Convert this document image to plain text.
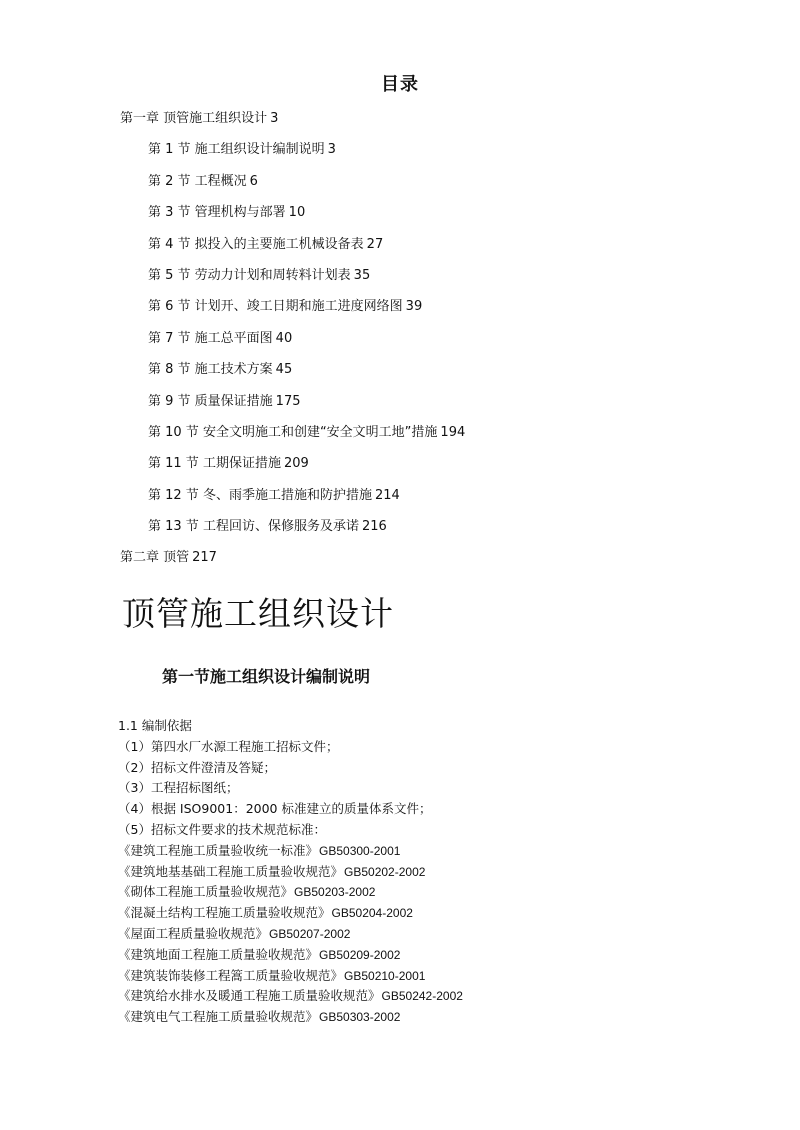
目录
第一章 顶管施工组织设计 3
第 1 节 施工组织设计编制说明 3
第 2 节 工程概况 6
第 3 节 管理机构与部署 10
第 4 节 拟投入的主要施工机械设备表 27
第 5 节 劳动力计划和周转料计划表 35
第 6 节 计划开、竣工日期和施工进度网络图 39
第 7 节 施工总平面图 40
第 8 节 施工技术方案 45
第 9 节 质量保证措施 175
第 10 节 安全文明施工和创建“安全文明工地”措施 194
第 11 节 工期保证措施 209
第 12 节 冬、雨季施工措施和防护措施 214
第 13 节 工程回访、保修服务及承诺 216
第二章 顶管 217
顶管施工组织设计
第一节施工组织设计编制说明
1.1 编制依据
（1）第四水厂水源工程施工招标文件；
（2）招标文件澄清及答疑；
（3）工程招标图纸；
（4）根据 ISO9001：2000 标准建立的质量体系文件；
（5）招标文件要求的技术规范标准：
《建筑工程施工质量验收统一标准》GB50300-2001
《建筑地基基础工程施工质量验收规范》GB50202-2002
《砌体工程施工质量验收规范》GB50203-2002
《混凝土结构工程施工质量验收规范》GB50204-2002
《屋面工程质量验收规范》GB50207-2002
《建筑地面工程施工质量验收规范》GB50209-2002
《建筑装饰装修工程篙工质量验收规范》GB50210-2001
《建筑给水排水及暖通工程施工质量验收规范》GB50242-2002
《建筑电气工程施工质量验收规范》GB50303-2002
